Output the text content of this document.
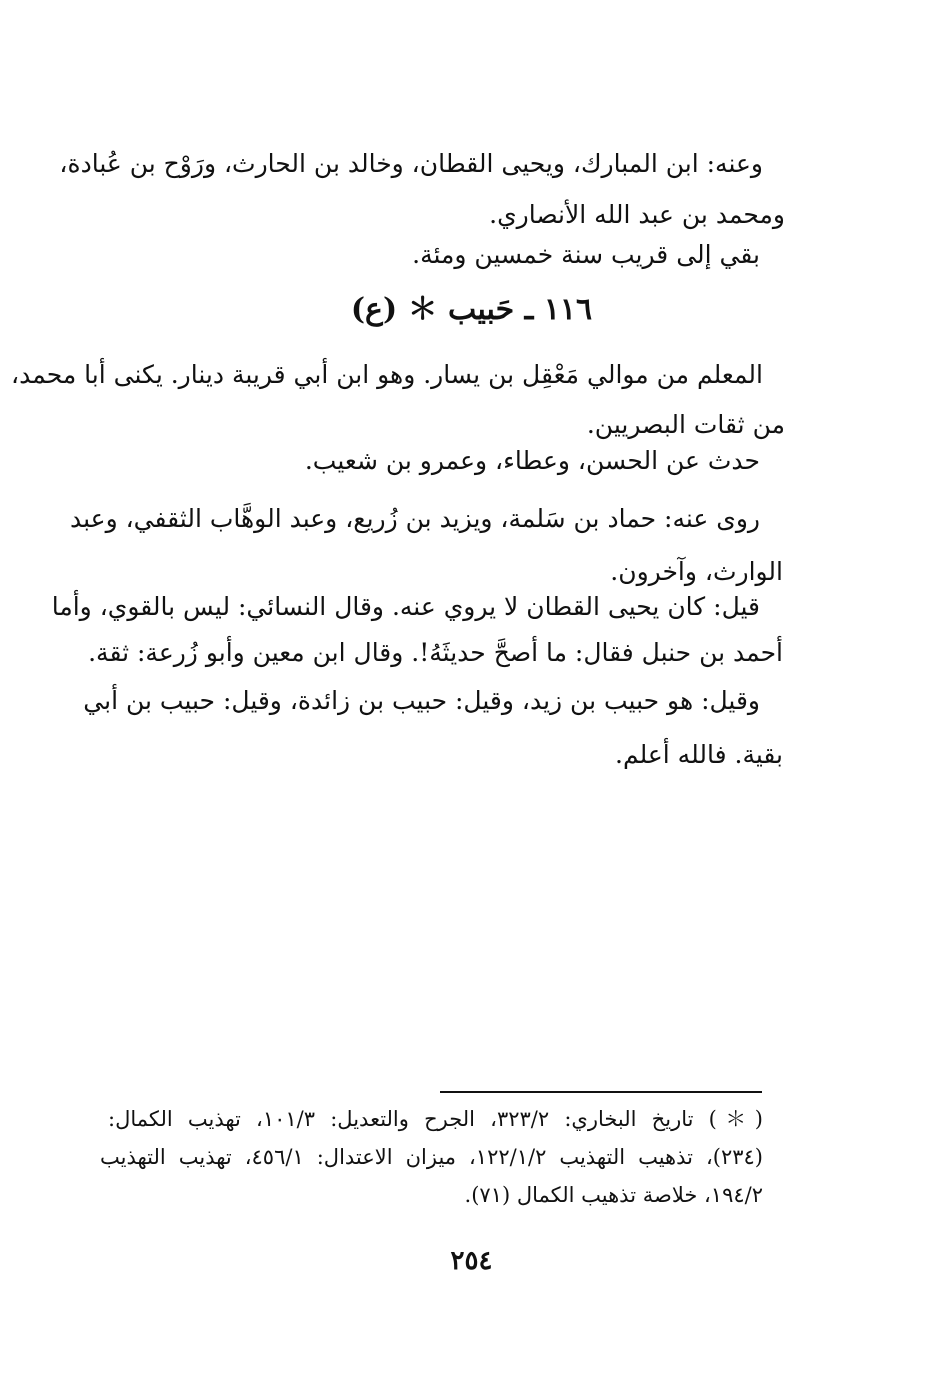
وعنه: ابن المبارك، ويحيى القطان، وخالد بن الحارث، ورَوْح بن عُبادة،
ومحمد بن عبد الله الأنصاري.
بقي إلى قريب سنة خمسين ومئة.
١١٦ ـ حَبيب ＊ (ع)
المعلم من موالي مَعْقِل بن يسار. وهو ابن أبي قريبة دينار. يكنى أبا محمد،
من ثقات البصريين.
حدث عن الحسن، وعطاء، وعمرو بن شعيب.
روى عنه: حماد بن سَلمة، ويزيد بن زُريع، وعبد الوهَّاب الثقفي، وعبد
الوارث، وآخرون.
قيل: كان يحيى القطان لا يروي عنه. وقال النسائي: ليس بالقوي، وأما
أحمد بن حنبل فقال: ما أصحَّ حديثَهُ!. وقال ابن معين وأبو زُرعة: ثقة.
وقيل: هو حبيب بن زيد، وقيل: حبيب بن زائدة، وقيل: حبيب بن أبي
بقية. فالله أعلم.
(＊) تاريخ البخاري: ٣٢٣/٢، الجرح والتعديل: ١٠١/٣، تهذيب الكمال:
(٢٣٤)، تذهيب التهذيب ١٢٢/١/٢، ميزان الاعتدال: ٤٥٦/١، تهذيب التهذيب
١٩٤/٢، خلاصة تذهيب الكمال (٧١).
٢٥٤
